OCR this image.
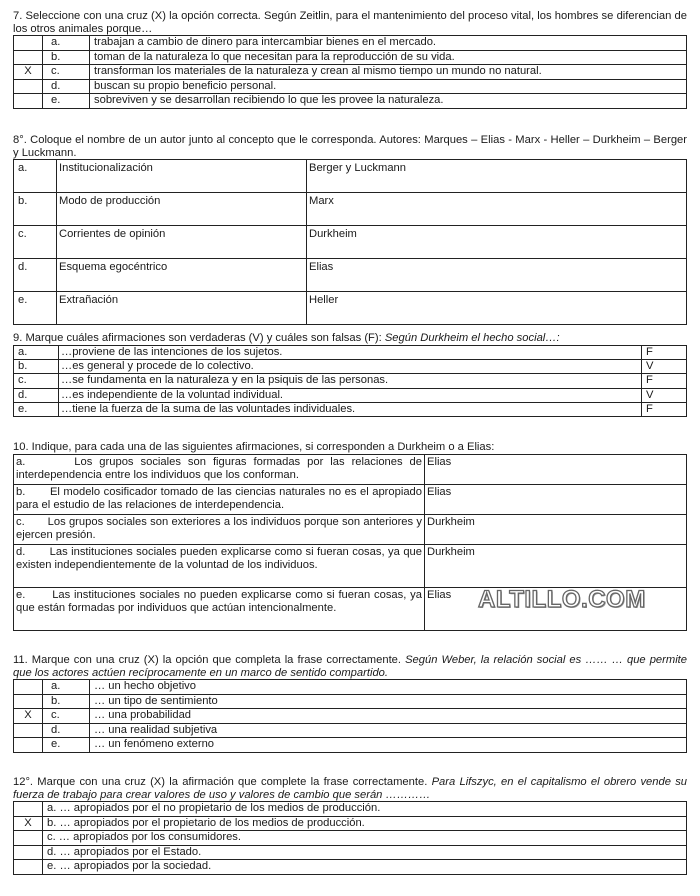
7. Seleccione con una cruz (X) la opción correcta. Según Zeitlin, para el mantenimiento del proceso vital, los hombres se diferencian de los otros animales porque…
	a.	trabajan a cambio de dinero para intercambiar bienes en el mercado.
	b.	toman de la naturaleza lo que necesitan para la reproducción de su vida.
X	c.	transforman los materiales de la naturaleza y crean al mismo tiempo un mundo no natural.
	d.	buscan su propio beneficio personal.
	e.	sobreviven y se desarrollan recibiendo lo que les provee la naturaleza.
8°. Coloque el nombre de un autor junto al concepto que le corresponda. Autores: Marques – Elias - Marx - Heller – Durkheim – Berger y Luckmann.
a.	Institucionalización	Berger y Luckmann
b.	Modo de producción	Marx
c.	Corrientes de opinión	Durkheim
d.	Esquema egocéntrico	Elias
e.	Extrañación	Heller
9. Marque cuáles afirmaciones son verdaderas (V) y cuáles son falsas (F): Según Durkheim el hecho social…:
a.	…proviene de las intenciones de los sujetos.	F
b.	…es general y procede de lo colectivo.	V
c.	…se fundamenta en la naturaleza y en la psiquis de las personas.	F
d.	…es independiente de la voluntad individual.	V
e.	…tiene la fuerza de la suma de las voluntades individuales.	F
10. Indique, para cada una de las siguientes afirmaciones, si corresponden a Durkheim o a Elias:
a. Los grupos sociales son figuras formadas por las relaciones de interdependencia entre los individuos que los conforman.	Elias
b. El modelo cosificador tomado de las ciencias naturales no es el apropiado para el estudio de las relaciones de interdependencia.	Elias
c. Los grupos sociales son exteriores a los individuos porque son anteriores y ejercen presión.	Durkheim
d. Las instituciones sociales pueden explicarse como si fueran cosas, ya que existen independientemente de la voluntad de los individuos.	Durkheim
e. Las instituciones sociales no pueden explicarse como si fueran cosas, ya que están formadas por individuos que actúan intencionalmente.	Elias ALTILLO.COM
11. Marque con una cruz (X) la opción que completa la frase correctamente. Según Weber, la relación social es …… … que permite que los actores actúen recíprocamente en un marco de sentido compartido.
	a.	… un hecho objetivo
	b.	… un tipo de sentimiento
X	c.	… una probabilidad
	d.	… una realidad subjetiva
	e.	… un fenómeno externo
12°. Marque con una cruz (X) la afirmación que complete la frase correctamente. Para Lifszyc, en el capitalismo el obrero vende su fuerza de trabajo para crear valores de uso y valores de cambio que serán …………
	a. … apropiados por el no propietario de los medios de producción.
X	b. … apropiados por el propietario de los medios de producción.
	c. … apropiados por los consumidores.
	d. … apropiados por el Estado.
	e. … apropiados por la sociedad.
